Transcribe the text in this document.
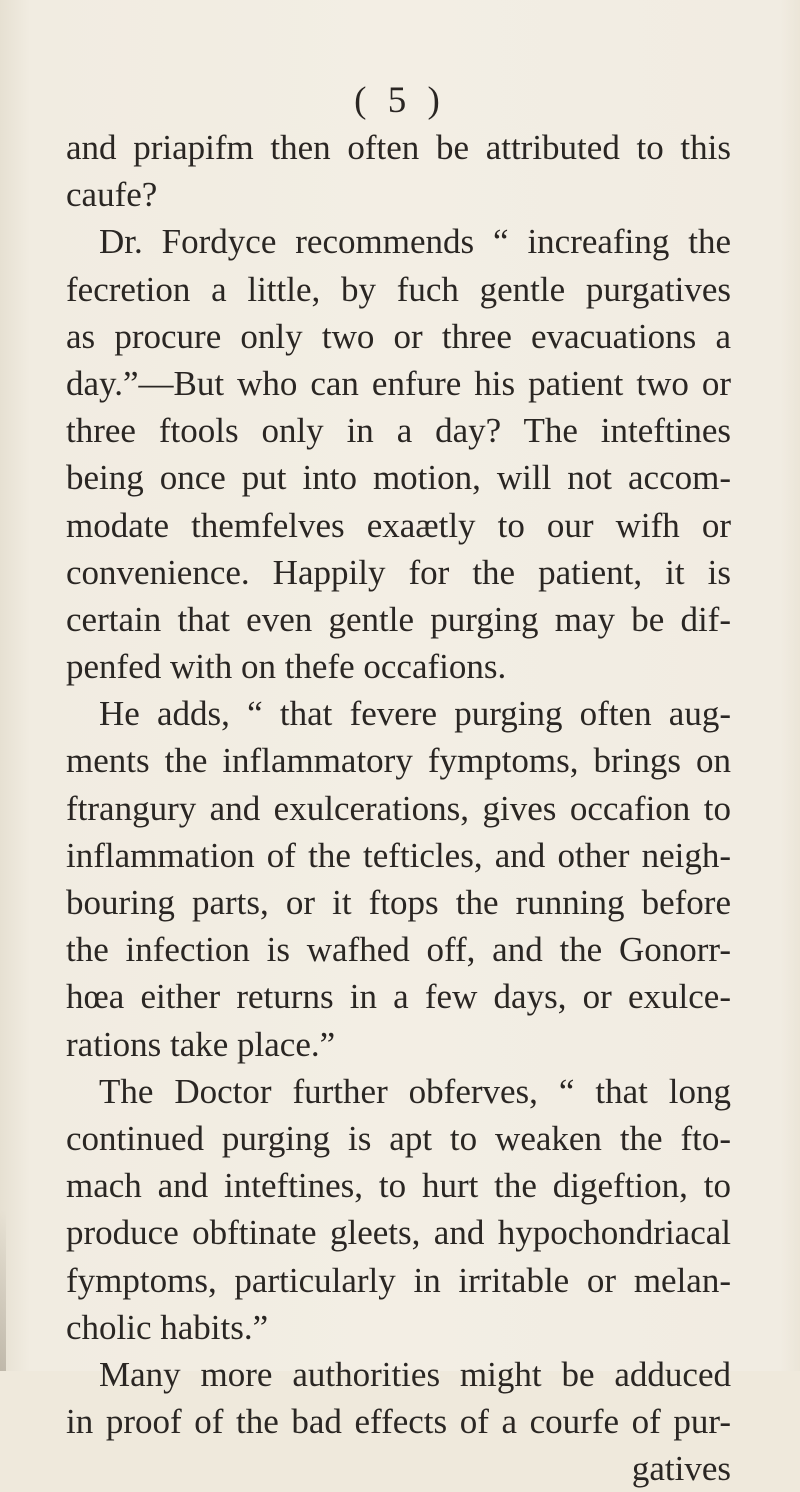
( 5 )
and priapifm then often be attributed to this
caufe?
Dr. Fordyce recommends “ increafing the
fecretion a little, by fuch gentle purgatives
as procure only two or three evacuations a
day.”—But who can enfure his patient two or
three ftools only in a day? The inteftines
being once put into motion, will not accom-
modate themfelves exaætly to our wifh or
convenience. Happily for the patient, it is
certain that even gentle purging may be dif-
penfed with on thefe occafions.
He adds, “ that fevere purging often aug-
ments the inflammatory fymptoms, brings on
ftrangury and exulcerations, gives occafion to
inflammation of the tefticles, and other neigh-
bouring parts, or it ftops the running before
the infection is wafhed off, and the Gonorr-
hœa either returns in a few days, or exulce-
rations take place.”
The Doctor further obferves, “ that long
continued purging is apt to weaken the fto-
mach and inteftines, to hurt the digeftion, to
produce obftinate gleets, and hypochondriacal
fymptoms, particularly in irritable or melan-
cholic habits.”
Many more authorities might be adduced
in proof of the bad effects of a courfe of pur-
gatives
